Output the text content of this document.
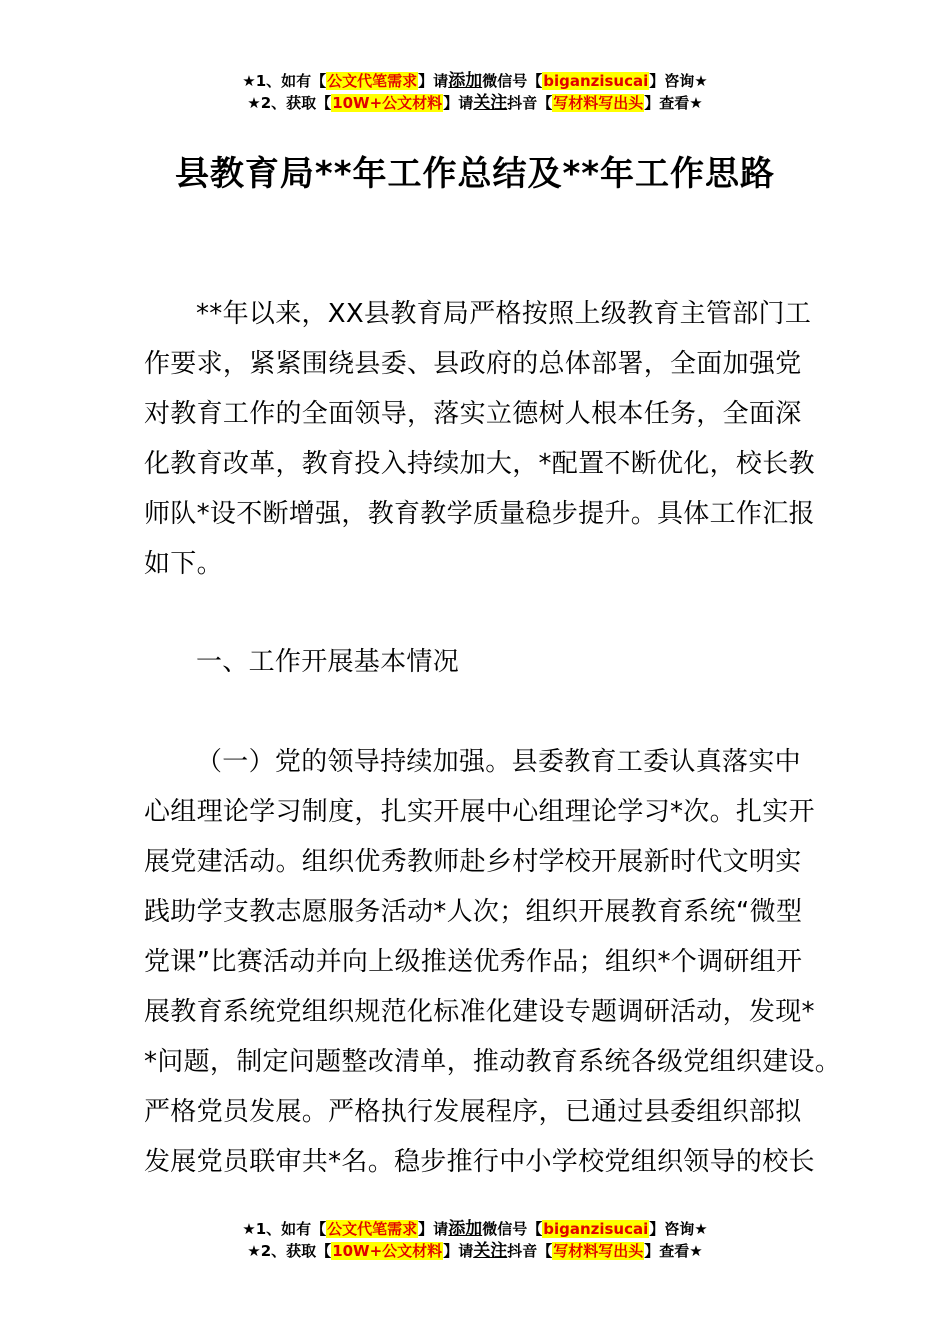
★1、如有【公文代笔需求】请添加微信号【biganzisucai】咨询★
★2、获取【10W+公文材料】请关注抖音【写材料写出头】查看★
县教育局**年工作总结及**年工作思路
**年以来，XX县教育局严格按照上级教育主管部门工
作要求，紧紧围绕县委、县政府的总体部署，全面加强党
对教育工作的全面领导，落实立德树人根本任务，全面深
化教育改革，教育投入持续加大，*配置不断优化，校长教
师队*设不断增强，教育教学质量稳步提升。具体工作汇报
如下。
一、工作开展基本情况
（一）党的领导持续加强。县委教育工委认真落实中
心组理论学习制度，扎实开展中心组理论学习*次。扎实开
展党建活动。组织优秀教师赴乡村学校开展新时代文明实
践助学支教志愿服务活动*人次；组织开展教育系统“微型
党课”比赛活动并向上级推送优秀作品；组织*个调研组开
展教育系统党组织规范化标准化建设专题调研活动，发现*
*问题，制定问题整改清单，推动教育系统各级党组织建设。
严格党员发展。严格执行发展程序，已通过县委组织部拟
发展党员联审共*名。稳步推行中小学校党组织领导的校长
★1、如有【公文代笔需求】请添加微信号【biganzisucai】咨询★
★2、获取【10W+公文材料】请关注抖音【写材料写出头】查看★
